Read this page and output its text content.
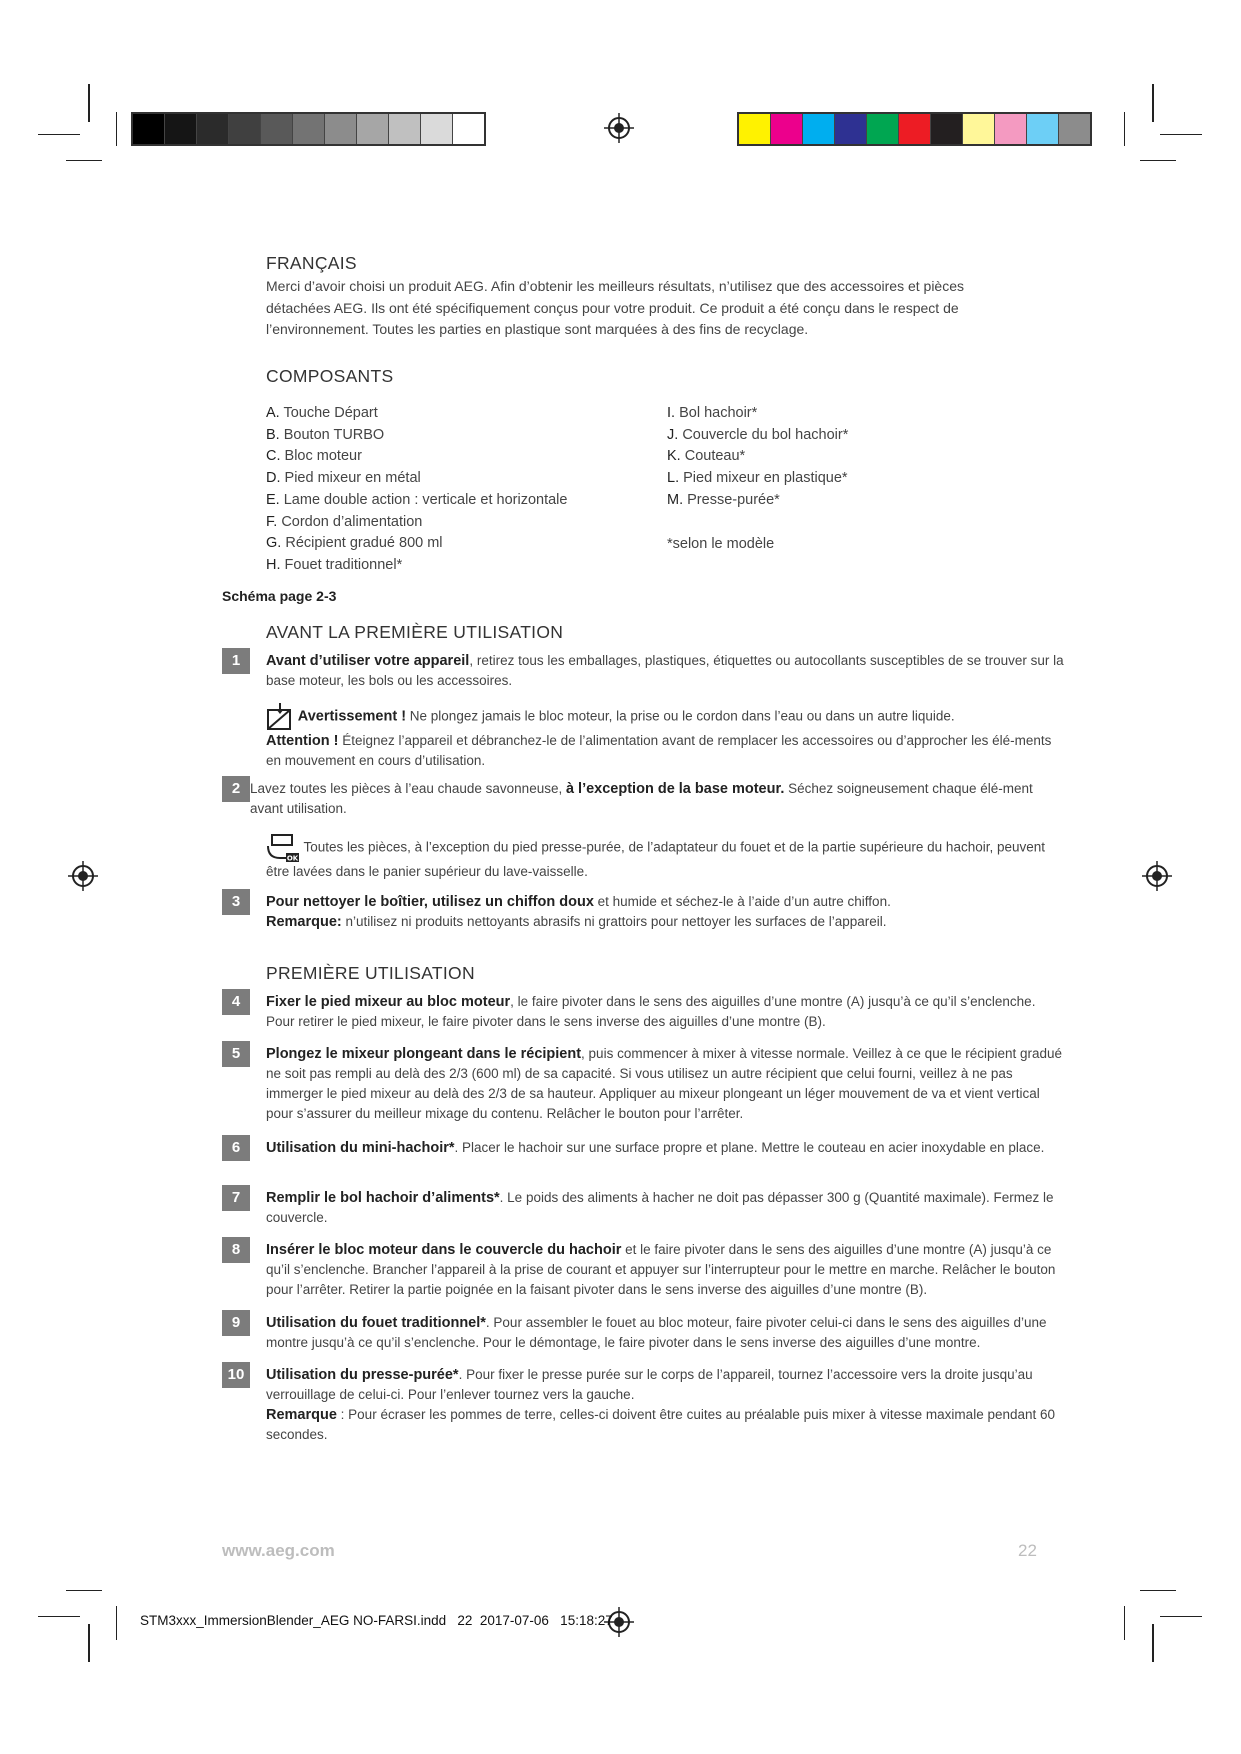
FRANÇAIS
Merci d’avoir choisi un produit AEG. Afin d’obtenir les meilleurs résultats, n’utilisez que des accessoires et pièces
détachées AEG. Ils ont été spécifiquement conçus pour votre produit. Ce produit a été conçu dans le respect de
l’environnement. Toutes les parties en plastique sont marquées à des fins de recyclage.
COMPOSANTS
A. Touche Départ
B. Bouton TURBO
C. Bloc moteur
D. Pied mixeur en métal
E. Lame double action : verticale et horizontale
F. Cordon d’alimentation
G. Récipient gradué 800 ml
H. Fouet traditionnel*
I. Bol hachoir*
J. Couvercle du bol hachoir*
K. Couteau*
L. Pied mixeur en plastique*
M. Presse-purée*
*selon le modèle
Schéma page 2-3
AVANT LA PREMIÈRE UTILISATION
1	Avant d’utiliser votre appareil, retirez tous les emballages, plastiques, étiquettes ou autocollants susceptibles de se trouver sur la base moteur, les bols ou les accessoires.
Avertissement ! Ne plongez jamais le bloc moteur, la prise ou le cordon dans l’eau ou dans un autre liquide.
Attention ! Éteignez l’appareil et débranchez-le de l’alimentation avant de remplacer les accessoires ou d’approcher les élé-ments en mouvement en cours d’utilisation.
2 Lavez toutes les pièces à l’eau chaude savonneuse, à l’exception de la base moteur. Séchez soigneusement chaque élé-ment avant utilisation.
OK
Toutes les pièces, à l’exception du pied presse-purée, de l’adaptateur du fouet et de la partie supérieure du hachoir, peuvent être lavées dans le panier supérieur du lave-vaisselle.
3	Pour nettoyer le boîtier, utilisez un chiffon doux et humide et séchez-le à l’aide d’un autre chiffon.
Remarque: n’utilisez ni produits nettoyants abrasifs ni grattoirs pour nettoyer les surfaces de l’appareil.
PREMIÈRE UTILISATION
4	Fixer le pied mixeur au bloc moteur, le faire pivoter dans le sens des aiguilles d’une montre (A) jusqu’à ce qu’il s’enclenche. Pour retirer le pied mixeur, le faire pivoter dans le sens inverse des aiguilles d’une montre (B).
5	Plongez le mixeur plongeant dans le récipient, puis commencer à mixer à vitesse normale. Veillez à ce que le récipient gradué ne soit pas rempli au delà des 2/3 (600 ml) de sa capacité. Si vous utilisez un autre récipient que celui fourni, veillez à ne pas immerger le pied mixeur au delà des 2/3 de sa hauteur. Appliquer au mixeur plongeant un léger mouvement de va et vient vertical pour s’assurer du meilleur mixage du contenu. Relâcher le bouton pour l’arrêter.
6	Utilisation du mini-hachoir*. Placer le hachoir sur une surface propre et plane. Mettre le couteau en acier inoxydable en place.
7	Remplir le bol hachoir d’aliments*. Le poids des aliments à hacher ne doit pas dépasser 300 g (Quantité maximale). Fermez le couvercle.
8	Insérer le bloc moteur dans le couvercle du hachoir et le faire pivoter dans le sens des aiguilles d’une montre (A) jusqu’à ce qu’il s’enclenche. Brancher l’appareil à la prise de courant et appuyer sur l’interrupteur pour le mettre en marche. Relâcher le bouton pour l’arrêter. Retirer la partie poignée en la faisant pivoter dans le sens inverse des aiguilles d’une montre (B).
9	Utilisation du fouet traditionnel*. Pour assembler le fouet au bloc moteur, faire pivoter celui-ci dans le sens des aiguilles d’une montre jusqu’à ce qu’il s’enclenche. Pour le démontage, le faire pivoter dans le sens inverse des aiguilles d’une montre.
10	Utilisation du presse-purée*. Pour fixer le presse purée sur le corps de l’appareil, tournez l’accessoire vers la droite jusqu’au verrouillage de celui-ci. Pour l’enlever tournez vers la gauche.
Remarque : Pour écraser les pommes de terre, celles-ci doivent être cuites au préalable puis mixer à vitesse maximale pendant 60 secondes.
www.aeg.com	22
STM3xxx_ImmersionBlender_AEG NO-FARSI.indd   22  2017-07-06   15:18:27
